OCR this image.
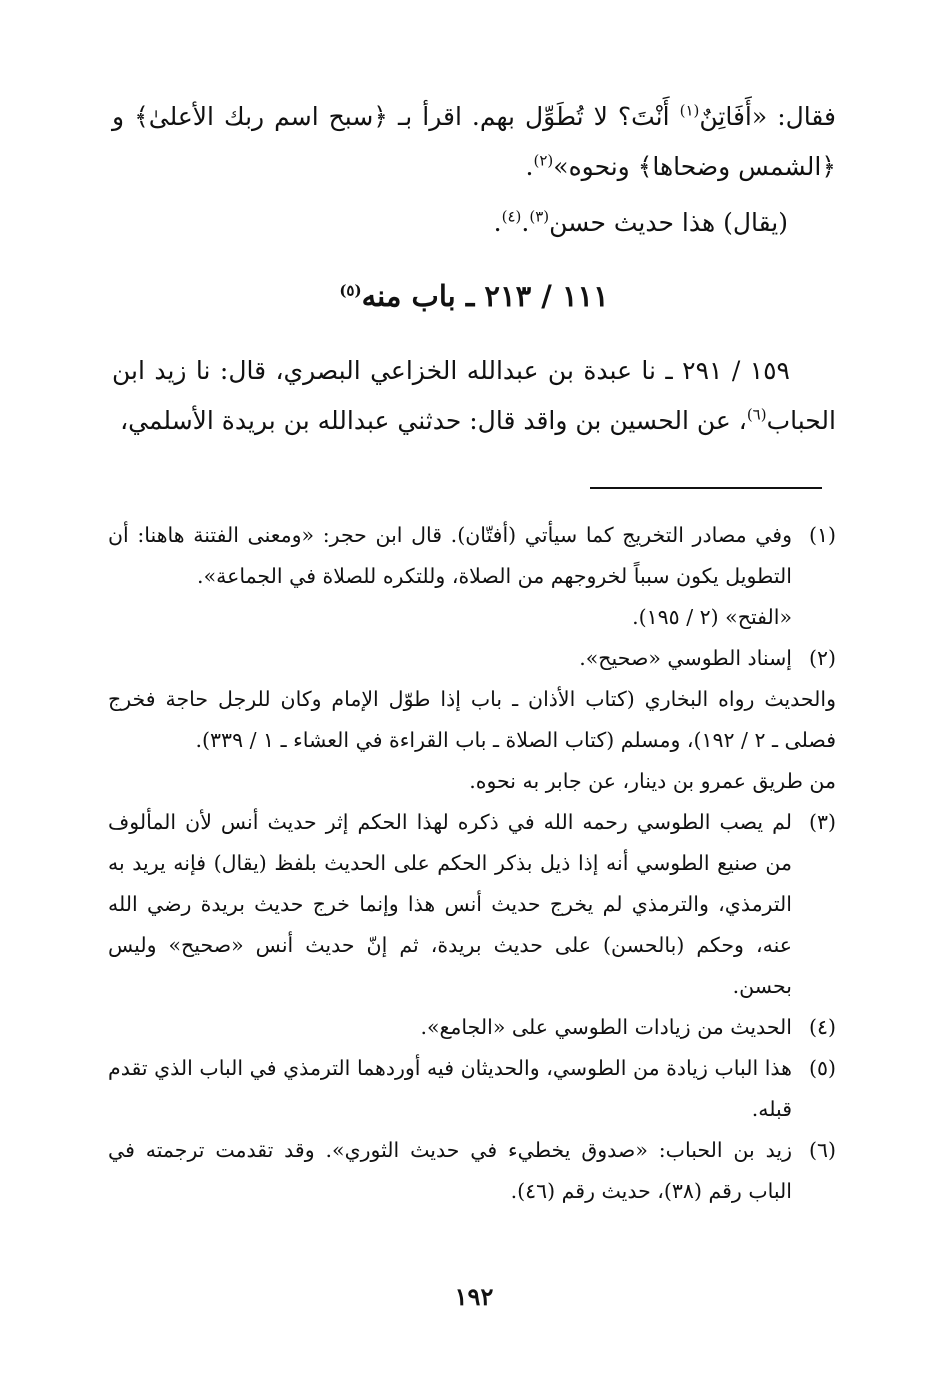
فقال: «أَفَاتِنٌ$^{(١)}$ أَنْتَ؟ لا تُطَوِّل بهم. اقرأ بـ ﴿سبح اسم ربك الأعلىٰ﴾ و ﴿الشمس وضحاها﴾ ونحوه»$^{(٢)}$.

(يقال) هذا حديث حسن$^{(٣)}$.$^{(٤)}$.

١١١ / ٢١٣ ـ باب منه$^{(٥)}$

١٥٩ / ٢٩١ ـ نا عبدة بن عبدالله الخزاعي البصري، قال: نا زيد ابن الحباب$^{(٦)}$، عن الحسين بن واقد قال: حدثني عبدالله بن بريدة الأسلمي،

(١)
وفي مصادر التخريج كما سيأتي (أفتّان). قال ابن حجر: «ومعنى الفتنة هاهنا: أن التطويل يكون سبباً لخروجهم من الصلاة، وللتكره للصلاة في الجماعة».
«الفتح» (٢ / ١٩٥).
(٢)
إسناد الطوسي «صحيح».

والحديث رواه البخاري (كتاب الأذان ـ باب إذا طوّل الإمام وكان للرجل حاجة فخرج فصلى ـ ٢ / ١٩٢)، ومسلم (كتاب الصلاة ـ باب القراءة في العشاء ـ ١ / ٣٣٩).
من طريق عمرو بن دينار، عن جابر به نحوه.

(٣)
لم يصب الطوسي رحمه الله في ذكره لهذا الحكم إثر حديث أنس لأن المألوف من صنيع الطوسي أنه إذا ذيل بذكر الحكم على الحديث بلفظ (يقال) فإنه يريد به الترمذي، والترمذي لم يخرج حديث أنس هذا وإنما خرج حديث بريدة رضي الله عنه، وحكم (بالحسن) على حديث بريدة، ثم إنّ حديث أنس «صحيح» وليس بحسن.
(٤)
الحديث من زيادات الطوسي على «الجامع».
(٥)
هذا الباب زيادة من الطوسي، والحديثان فيه أوردهما الترمذي في الباب الذي تقدم قبله.
(٦)
زيد بن الحباب: «صدوق يخطيء في حديث الثوري». وقد تقدمت ترجمته في الباب رقم (٣٨)، حديث رقم (٤٦).
١٩٢
